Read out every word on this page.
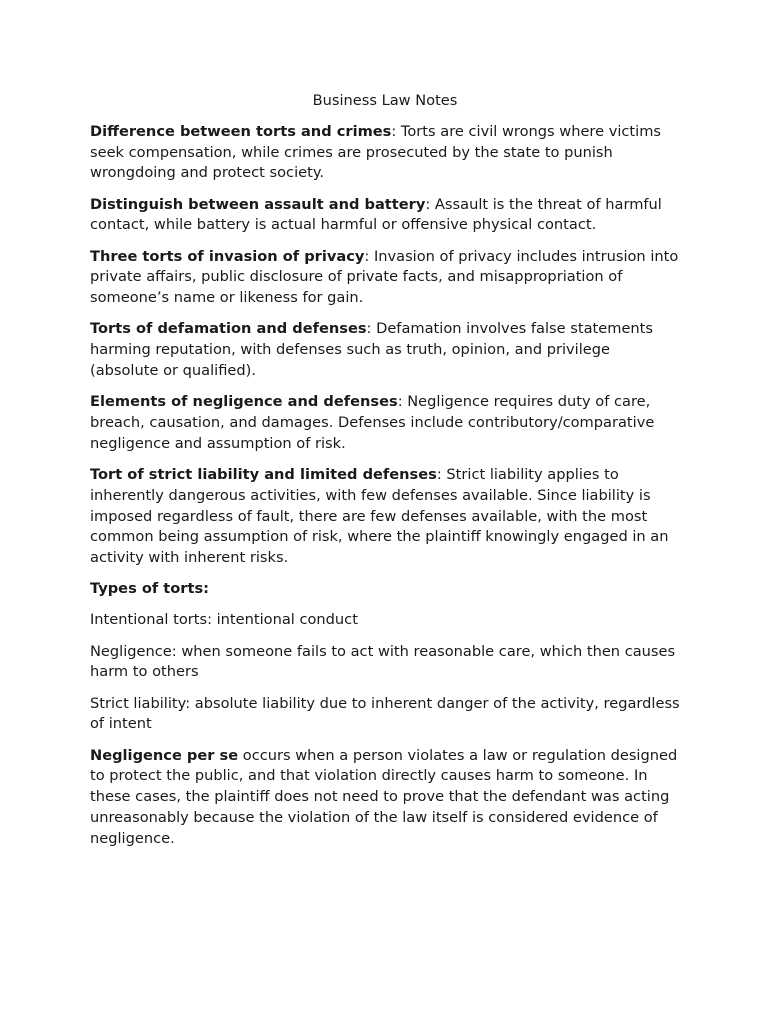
Business Law Notes

Difference between torts and crimes: Torts are civil wrongs where victims seek compensation, while crimes are prosecuted by the state to punish wrongdoing and protect society.

Distinguish between assault and battery: Assault is the threat of harmful contact, while battery is actual harmful or offensive physical contact.

Three torts of invasion of privacy: Invasion of privacy includes intrusion into private affairs, public disclosure of private facts, and misappropriation of someone’s name or likeness for gain.

Torts of defamation and defenses: Defamation involves false statements harming reputation, with defenses such as truth, opinion, and privilege (absolute or qualified).

Elements of negligence and defenses: Negligence requires duty of care, breach, causation, and damages. Defenses include contributory/comparative negligence and assumption of risk.

Tort of strict liability and limited defenses: Strict liability applies to inherently dangerous activities, with few defenses available. Since liability is imposed regardless of fault, there are few defenses available, with the most common being assumption of risk, where the plaintiff knowingly engaged in an activity with inherent risks.

Types of torts:

Intentional torts: intentional conduct

Negligence: when someone fails to act with reasonable care, which then causes harm to others

Strict liability: absolute liability due to inherent danger of the activity, regardless of intent

Negligence per se occurs when a person violates a law or regulation designed to protect the public, and that violation directly causes harm to someone. In these cases, the plaintiff does not need to prove that the defendant was acting unreasonably because the violation of the law itself is considered evidence of negligence.
